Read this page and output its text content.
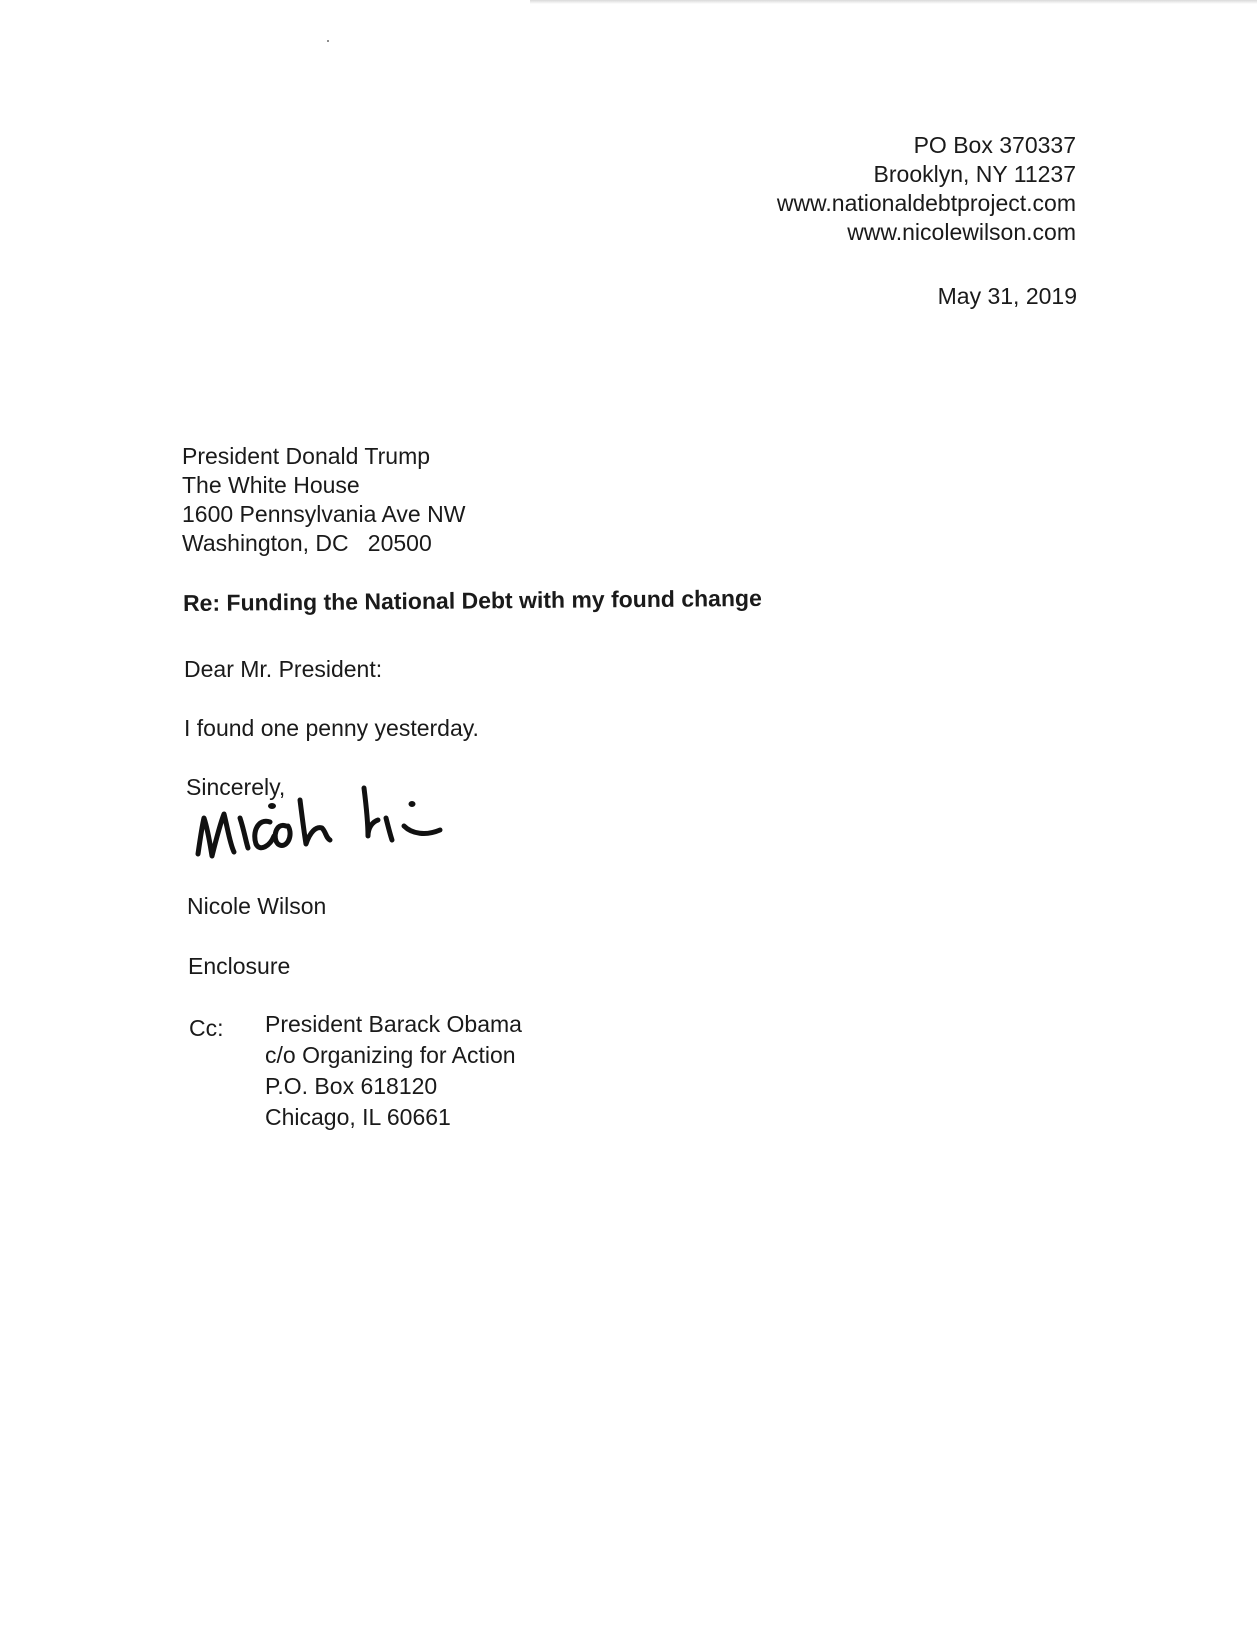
PO Box 370337
Brooklyn, NY 11237
www.nationaldebtproject.com
www.nicolewilson.com
May 31, 2019
President Donald Trump
The White House
1600 Pennsylvania Ave NW
Washington, DC   20500
Re: Funding the National Debt with my found change
Dear Mr. President:
I found one penny yesterday.
Sincerely,
Nicole Wilson
Enclosure
Cc: President Barack Obama
c/o Organizing for Action
P.O. Box 618120
Chicago, IL 60661
